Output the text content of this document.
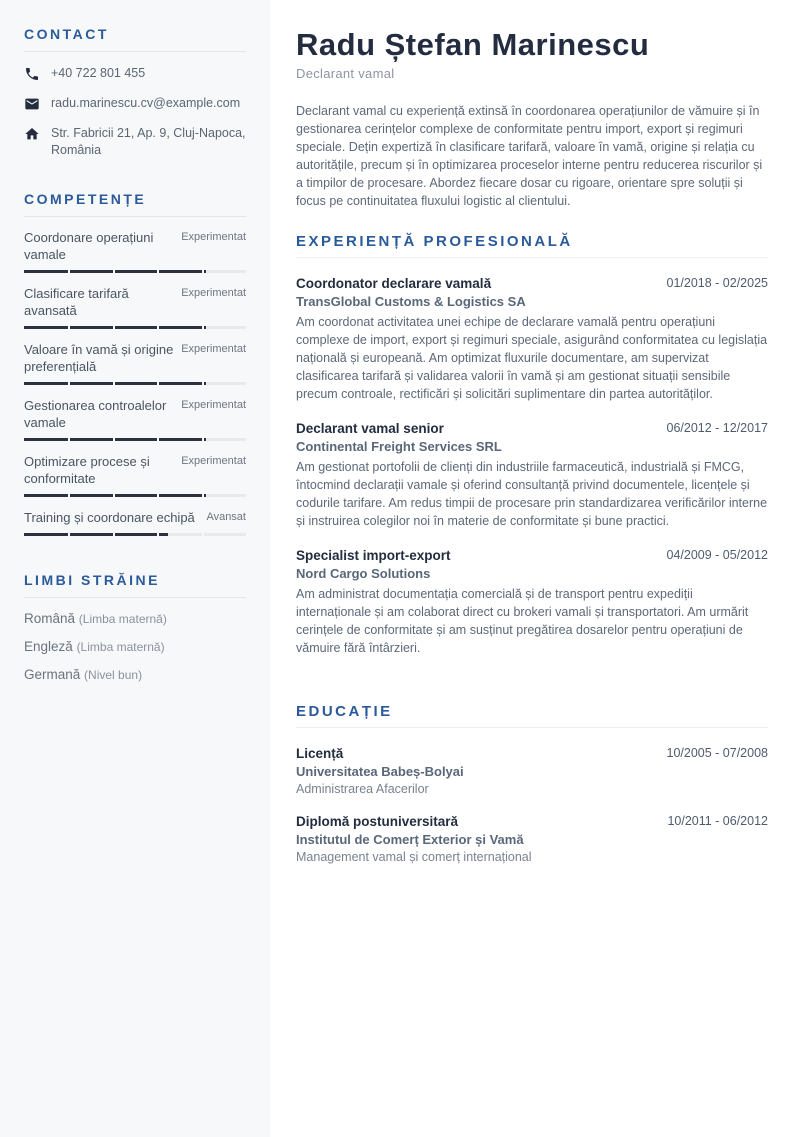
CONTACT
+40 722 801 455
radu.marinescu.cv@example.com
Str. Fabricii 21, Ap. 9, Cluj-Napoca, România
COMPETENȚE
Coordonare operațiuni vamale
Experimentat
Clasificare tarifară avansată
Experimentat
Valoare în vamă și origine preferențială
Experimentat
Gestionarea controalelor vamale
Experimentat
Optimizare procese și conformitate
Experimentat
Training și coordonare echipă Avansat
LIMBI STRĂINE
Română (Limba maternă)
Engleză (Limba maternă)
Germană (Nivel bun)
Radu Ștefan Marinescu
Declarant vamal

Declarant vamal cu experiență extinsă în coordonarea operațiunilor de vămuire și în gestionarea cerințelor complexe de conformitate pentru import, export și regimuri speciale. Dețin expertiză în clasificare tarifară, valoare în vamă, origine și relația cu autoritățile, precum și în optimizarea proceselor interne pentru reducerea riscurilor și a timpilor de procesare. Abordez fiecare dosar cu rigoare, orientare spre soluții și focus pe continuitatea fluxului logistic al clientului.

EXPERIENȚĂ PROFESIONALĂ
Coordonator declarare vamală	01/2018 - 02/2025
TransGlobal Customs & Logistics SA
Am coordonat activitatea unei echipe de declarare vamală pentru operațiuni complexe de import, export și regimuri speciale, asigurând conformitatea cu legislația națională și europeană. Am optimizat fluxurile documentare, am supervizat clasificarea tarifară și validarea valorii în vamă și am gestionat situații sensibile precum controale, rectificări și solicitări suplimentare din partea autorităților.
Declarant vamal senior	06/2012 - 12/2017
Continental Freight Services SRL
Am gestionat portofolii de clienți din industriile farmaceutică, industrială și FMCG, întocmind declarații vamale și oferind consultanță privind documentele, licențele și codurile tarifare. Am redus timpii de procesare prin standardizarea verificărilor interne și instruirea colegilor noi în materie de conformitate și bune practici.
Specialist import-export	04/2009 - 05/2012
Nord Cargo Solutions
Am administrat documentația comercială și de transport pentru expediții internaționale și am colaborat direct cu brokeri vamali și transportatori. Am urmărit cerințele de conformitate și am susținut pregătirea dosarelor pentru operațiuni de vămuire fără întârzieri.
EDUCAȚIE
Licență	10/2005 - 07/2008
Universitatea Babeș-Bolyai
Administrarea Afacerilor
Diplomă postuniversitară	10/2011 - 06/2012
Institutul de Comerț Exterior și Vamă
Management vamal și comerț internațional
